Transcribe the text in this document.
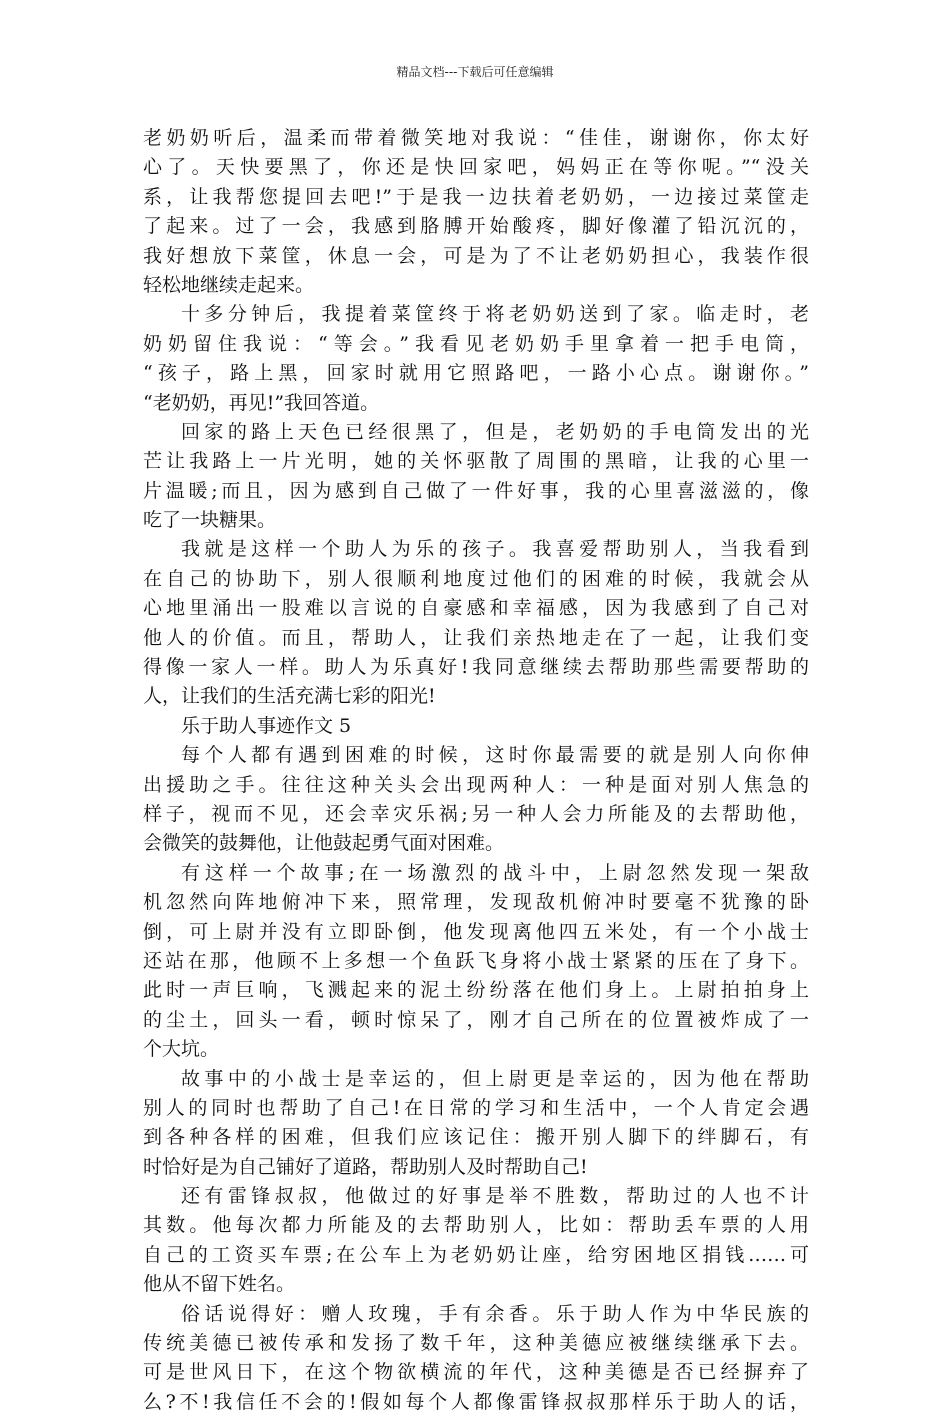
精品文档---下载后可任意编辑
老奶奶听后，温柔而带着微笑地对我说：“佳佳，谢谢你，你太好
心了。天快要黑了，你还是快回家吧，妈妈正在等你呢。”“没关
系，让我帮您提回去吧!”于是我一边扶着老奶奶，一边接过菜筐走
了起来。过了一会，我感到胳膊开始酸疼，脚好像灌了铅沉沉的，
我好想放下菜筐，休息一会，可是为了不让老奶奶担心，我装作很
轻松地继续走起来。
十多分钟后，我提着菜筐终于将老奶奶送到了家。临走时，老
奶奶留住我说：“等会。”我看见老奶奶手里拿着一把手电筒，
“孩子，路上黑，回家时就用它照路吧，一路小心点。谢谢你。”
“老奶奶，再见!”我回答道。
回家的路上天色已经很黑了，但是，老奶奶的手电筒发出的光
芒让我路上一片光明，她的关怀驱散了周围的黑暗，让我的心里一
片温暖;而且，因为感到自己做了一件好事，我的心里喜滋滋的，像
吃了一块糖果。
我就是这样一个助人为乐的孩子。我喜爱帮助别人，当我看到
在自己的协助下，别人很顺利地度过他们的困难的时候，我就会从
心地里涌出一股难以言说的自豪感和幸福感，因为我感到了自己对
他人的价值。而且，帮助人，让我们亲热地走在了一起，让我们变
得像一家人一样。助人为乐真好!我同意继续去帮助那些需要帮助的
人，让我们的生活充满七彩的阳光!
乐于助人事迹作文 5
每个人都有遇到困难的时候，这时你最需要的就是别人向你伸
出援助之手。往往这种关头会出现两种人：一种是面对别人焦急的
样子，视而不见，还会幸灾乐祸;另一种人会力所能及的去帮助他，
会微笑的鼓舞他，让他鼓起勇气面对困难。
有这样一个故事;在一场激烈的战斗中，上尉忽然发现一架敌
机忽然向阵地俯冲下来，照常理，发现敌机俯冲时要毫不犹豫的卧
倒，可上尉并没有立即卧倒，他发现离他四五米处，有一个小战士
还站在那，他顾不上多想一个鱼跃飞身将小战士紧紧的压在了身下。
此时一声巨响，飞溅起来的泥土纷纷落在他们身上。上尉拍拍身上
的尘土，回头一看，顿时惊呆了，刚才自己所在的位置被炸成了一
个大坑。
故事中的小战士是幸运的，但上尉更是幸运的，因为他在帮助
别人的同时也帮助了自己!在日常的学习和生活中，一个人肯定会遇
到各种各样的困难，但我们应该记住：搬开别人脚下的绊脚石，有
时恰好是为自己铺好了道路，帮助别人及时帮助自己!
还有雷锋叔叔，他做过的好事是举不胜数，帮助过的人也不计
其数。他每次都力所能及的去帮助别人，比如：帮助丢车票的人用
自己的工资买车票;在公车上为老奶奶让座，给穷困地区捐钱……可
他从不留下姓名。
俗话说得好：赠人玫瑰，手有余香。乐于助人作为中华民族的
传统美德已被传承和发扬了数千年，这种美德应被继续继承下去。
可是世风日下，在这个物欲横流的年代，这种美德是否已经摒弃了
么?不!我信任不会的!假如每个人都像雷锋叔叔那样乐于助人的话，
